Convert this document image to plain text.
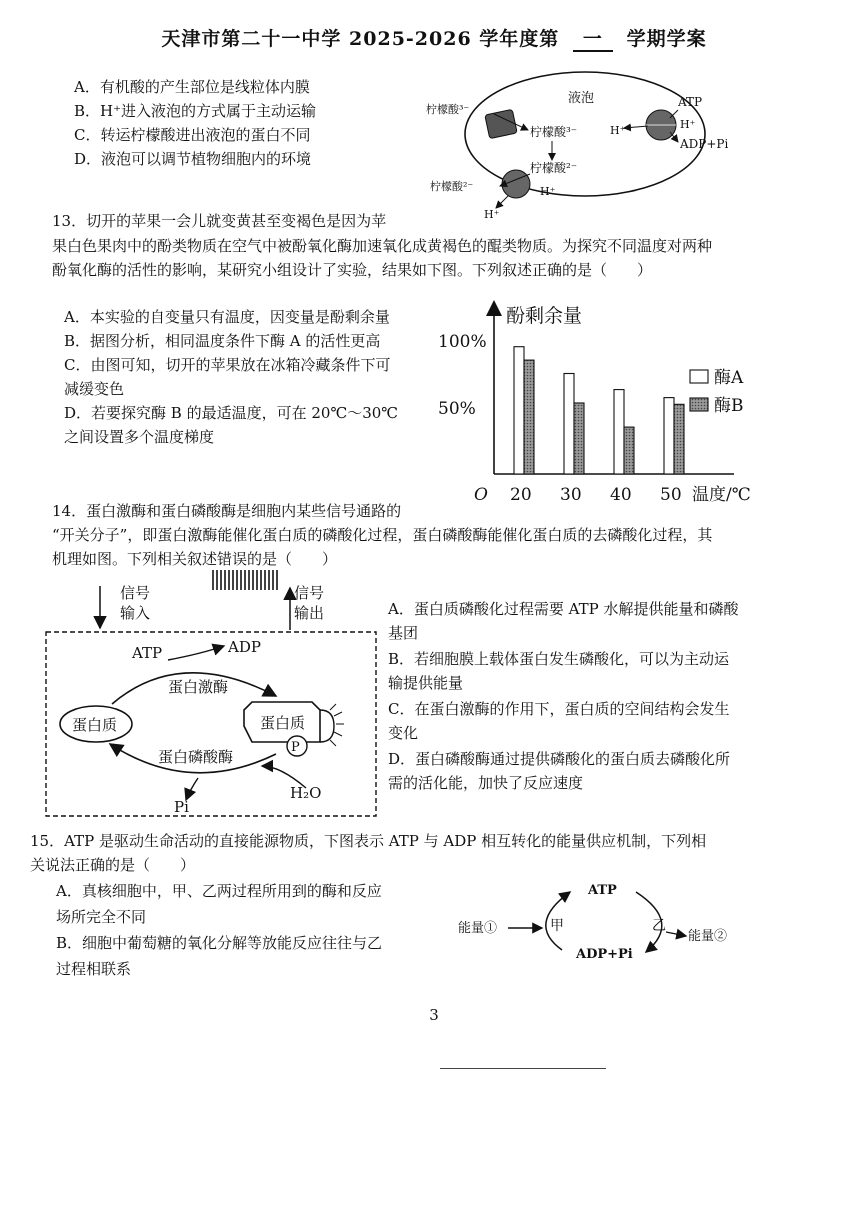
天津市第二十一中学 2025-2026 学年度第 一 学期学案
A．有机酸的产生部位是线粒体内膜
B．H⁺进入液泡的方式属于主动运输
C．转运柠檬酸进出液泡的蛋白不同
D．液泡可以调节植物细胞内的环境
液泡
柠檬酸³⁻
柠檬酸³⁻
柠檬酸²⁻
柠檬酸²⁻	H⁺
H⁺
ATP
ADP+Pi
H⁺
H⁺
13．切开的苹果一会儿就变黄甚至变褐色是因为苹
果白色果肉中的酚类物质在空气中被酚氧化酶加速氧化成黄褐色的醌类物质。为探究不同温度对两种
酚氧化酶的活性的影响，某研究小组设计了实验，结果如下图。下列叙述正确的是（　　）
A．本实验的自变量只有温度，因变量是酚剩余量
B．据图分析，相同温度条件下酶 A 的活性更高
C．由图可知，切开的苹果放在冰箱冷藏条件下可
减缓变色
D．若要探究酶 B 的最适温度，可在 20℃～30℃
之间设置多个温度梯度
酚剩余量
100%
50%
O 20 30 40 50 温度/℃
酶A
酶B
14．蛋白激酶和蛋白磷酸酶是细胞内某些信号通路的
“开关分子”，即蛋白激酶能催化蛋白质的磷酸化过程，蛋白磷酸酶能催化蛋白质的去磷酸化过程，其
机理如图。下列相关叙述错误的是（　　）
信号
输入
信号
输出
ATP	ADP
蛋白激酶
蛋白质	蛋白质
P
蛋白磷酸酶
H₂O
Pi
A．蛋白质磷酸化过程需要 ATP 水解提供能量和磷酸
基团
B．若细胞膜上载体蛋白发生磷酸化，可以为主动运
输提供能量
C．在蛋白激酶的作用下，蛋白质的空间结构会发生
变化
D．蛋白磷酸酶通过提供磷酸化的蛋白质去磷酸化所
需的活化能，加快了反应速度
15．ATP 是驱动生命活动的直接能源物质，下图表示 ATP 与 ADP 相互转化的能量供应机制，下列相
关说法正确的是（　　）
A．真核细胞中，甲、乙两过程所用到的酶和反应
场所完全不同
B．细胞中葡萄糖的氧化分解等放能反应往往与乙
过程相联系
ATP
ADP+Pi
甲	乙
能量①
能量②
3
